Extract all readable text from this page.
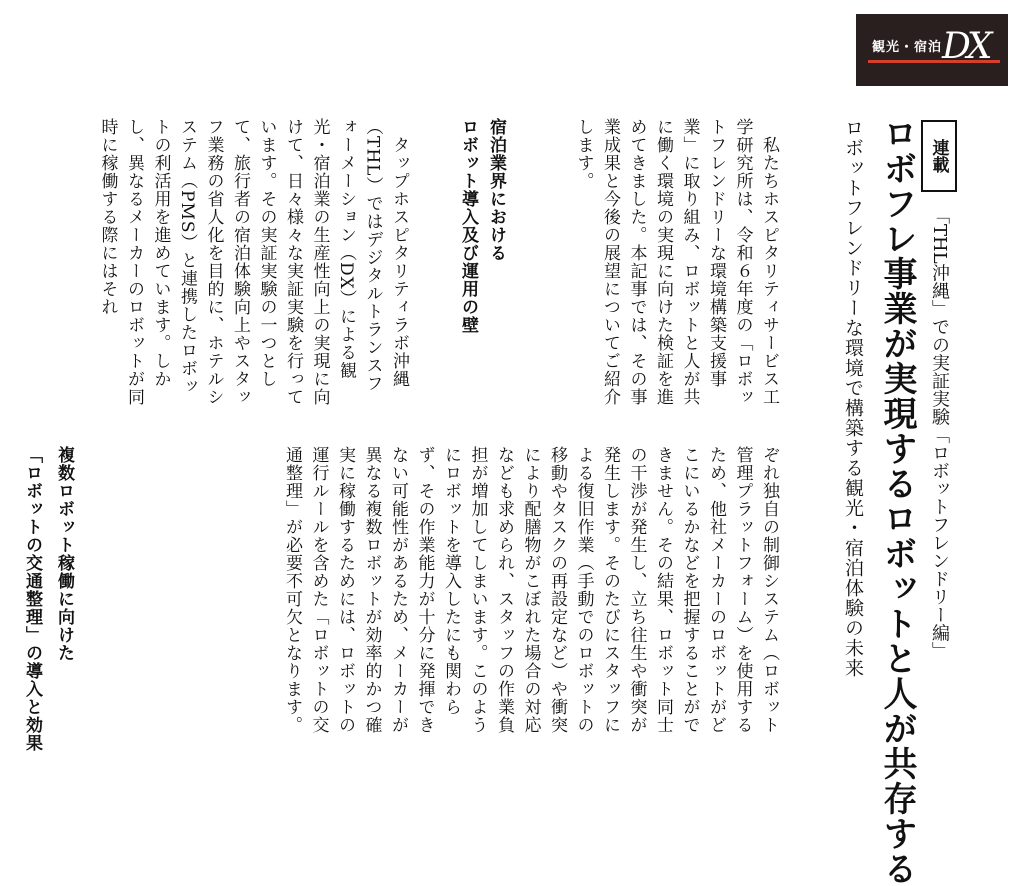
観光・宿泊 DX
連載
「THL沖縄」での実証実験「ロボットフレンドリー編」
ロボフレ事業が実現するロボットと人が共存する
ロボットフレンドリーな環境で構築する観光・宿泊体験の未来
　私たちホスピタリティサービス工学研究所は、令和６年度の「ロボットフレンドリーな環境構築支援事業」に取り組み、ロボットと人が共に働く環境の実現に向けた検証を進めてきました。本記事では、その事業成果と今後の展望についてご紹介します。
宿泊業界における
ロボット導入及び運用の壁
　タップホスピタリティラボ沖縄（THL）ではデジタルトランスフォーメーション（DX）による観光・宿泊業の生産性向上の実現に向けて、日々様々な実証実験を行っています。その実証実験の一つとして、旅行者の宿泊体験向上やスタッフ業務の省人化を目的に、ホテルシステム（PMS）と連携したロボットの利活用を進めています。しかし、異なるメーカーのロボットが同時に稼働する際にはそれ
ぞれ独自の制御システム（ロボット管理プラットフォーム）を使用するため、他社メーカーのロボットがどこにいるかなどを把握することができません。その結果、ロボット同士の干渉が発生し、立ち往生や衝突が発生します。そのたびにスタッフによる復旧作業（手動でのロボットの移動やタスクの再設定など）や衝突により配膳物がこぼれた場合の対応なども求められ、スタッフの作業負担が増加してしまいます。このようにロボットを導入したにも関わらず、その作業能力が十分に発揮できない可能性があるため、メーカーが異なる複数ロボットが効率的かつ確実に稼働するためには、ロボットの運行ルールを含めた「ロボットの交通整理」が必要不可欠となります。
複数ロボット稼働に向けた
「ロボットの交通整理」の導入と効果
